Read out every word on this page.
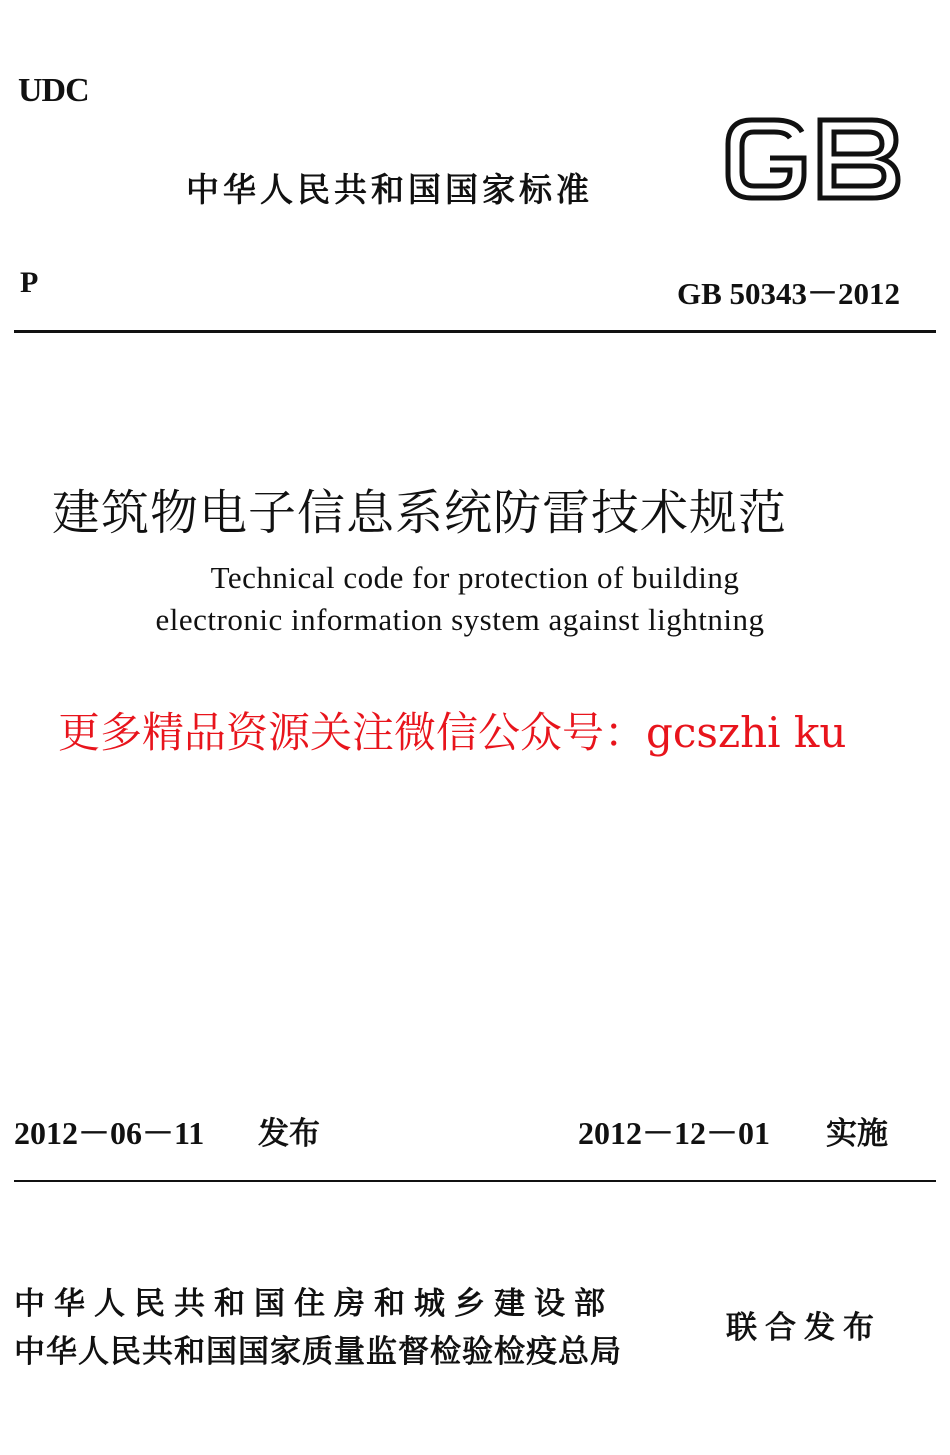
UDC
中华人民共和国国家标准
P	GB 50343－2012
建筑物电子信息系统防雷技术规范
Technical code for protection of building
electronic information system against lightning
更多精品资源关注微信公众号：gcszhi ku
2012－06－11 发布	2012－12－01 实施
中华人民共和国住房和城乡建设部
中华人民共和国国家质量监督检验检疫总局
联合发布
